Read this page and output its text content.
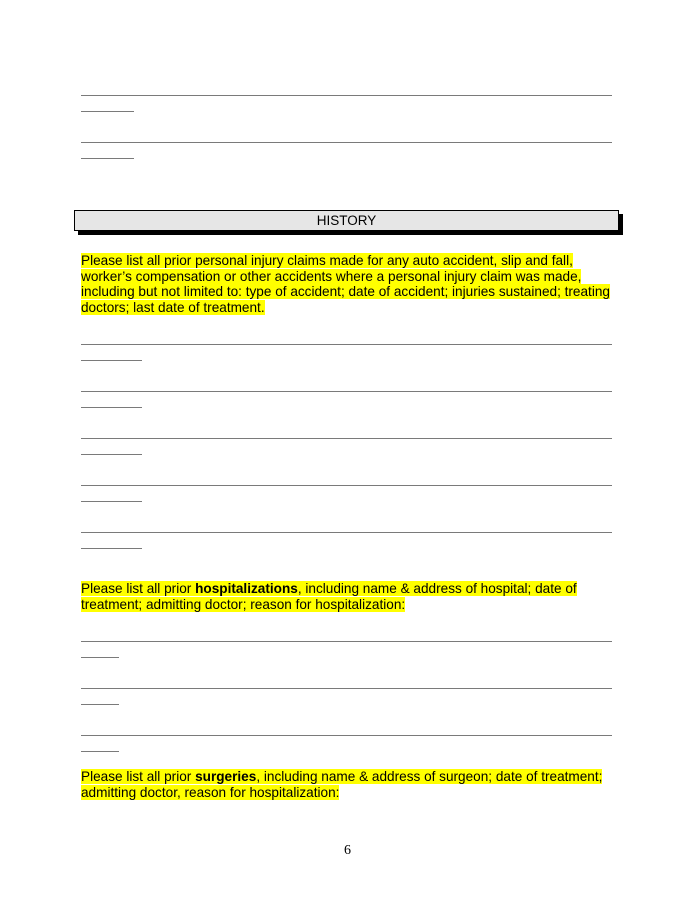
HISTORY
Please list all prior personal injury claims made for any auto accident, slip and fall, worker’s compensation or other accidents where a personal injury claim was made, including but not limited to: type of accident; date of accident; injuries sustained; treating doctors; last date of treatment.
Please list all prior hospitalizations, including name & address of hospital; date of treatment; admitting doctor; reason for hospitalization:
Please list all prior surgeries, including name & address of surgeon; date of treatment; admitting doctor, reason for hospitalization:
6
